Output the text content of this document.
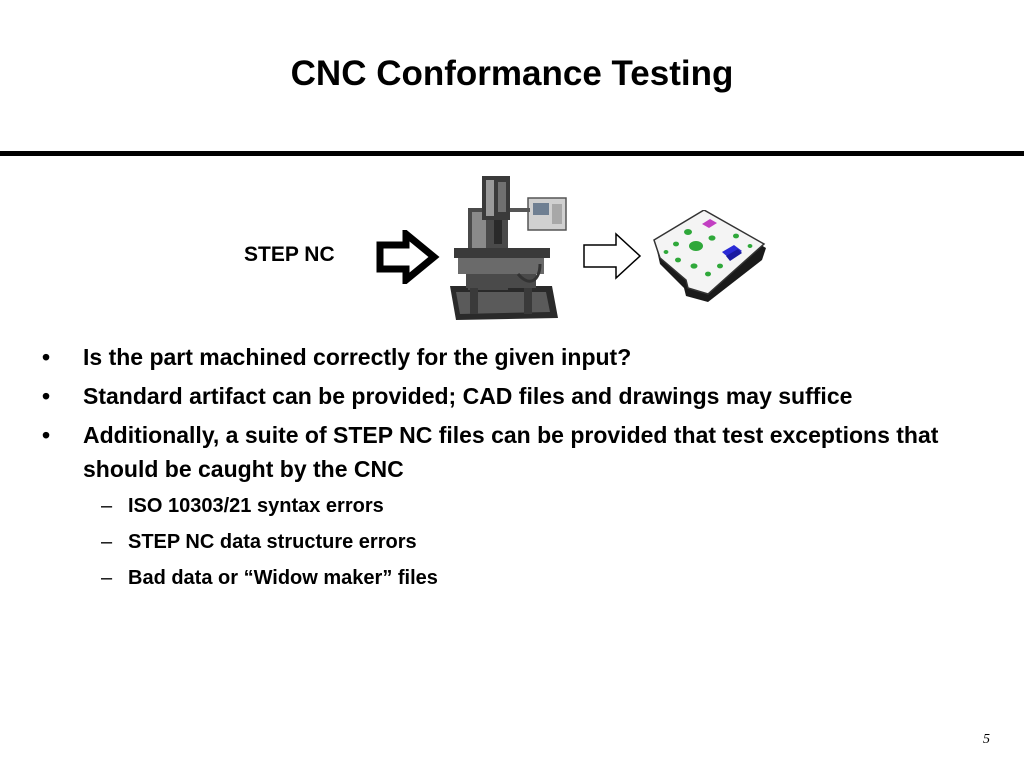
CNC Conformance Testing
STEP NC
•	Is the part machined correctly for the given input?
•	Standard artifact can be provided; CAD files and drawings may suffice
•	Additionally, a suite of STEP NC files can be provided that test exceptions that should be caught by the CNC
– ISO 10303/21 syntax errors
– STEP NC data structure errors
– Bad data or “Widow maker” files
5
